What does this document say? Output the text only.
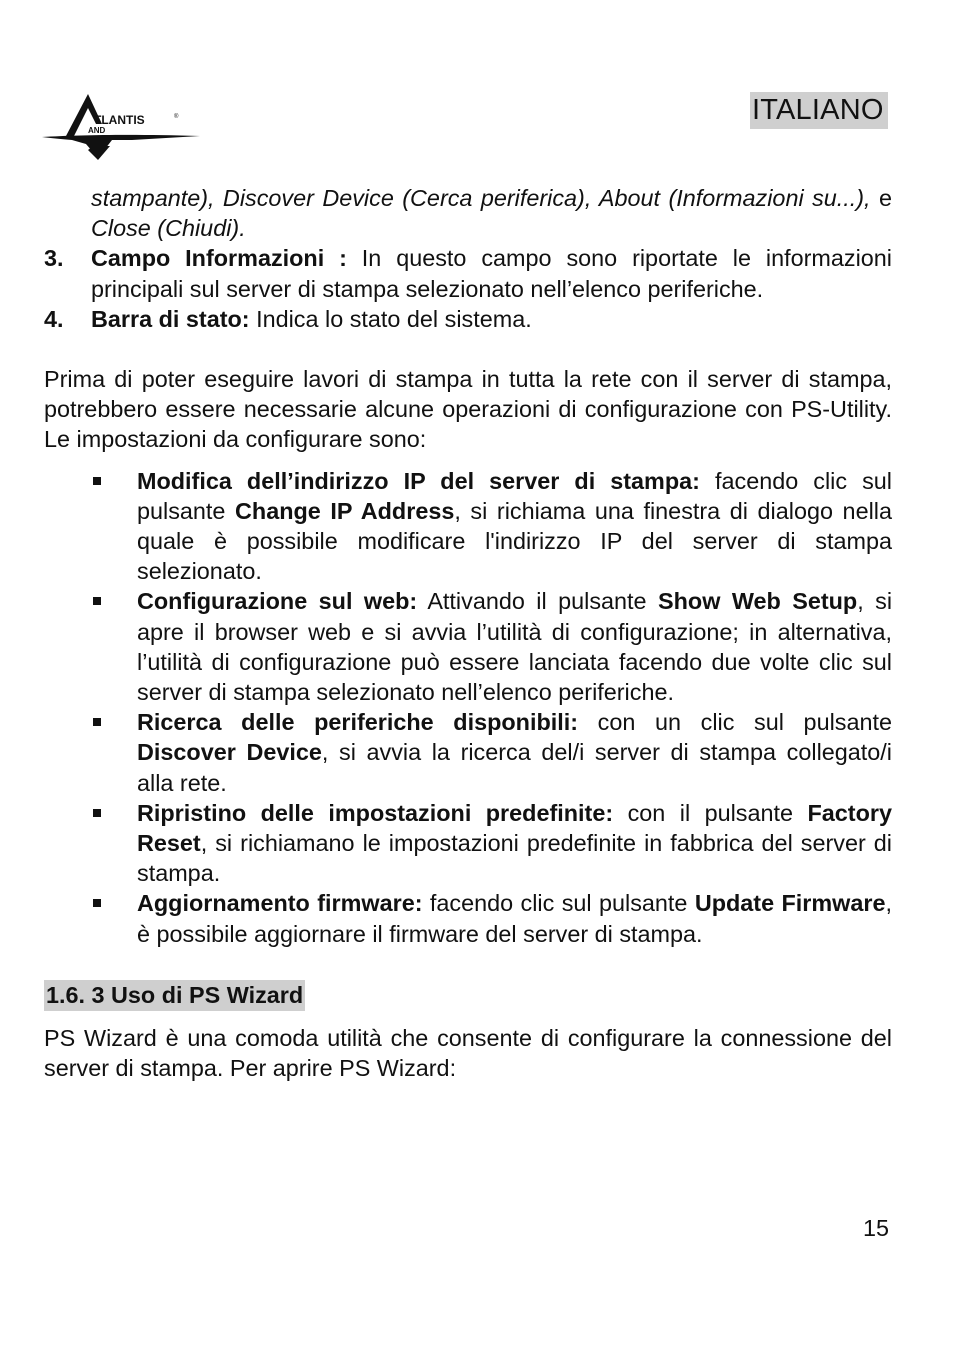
TLANTIS	®
AND
ITALIANO

stampante), Discover Device (Cerca periferica), About (Informazioni su...), e Close (Chiudi).

3.	Campo Informazioni : In questo campo sono riportate le informazioni principali sul server di stampa selezionato nell’elenco periferiche.
4.	Barra di stato: Indica lo stato del sistema.

Prima di poter eseguire lavori di stampa in tutta la rete con il server di stampa, potrebbero essere necessarie alcune operazioni di configurazione con PS-Utility. Le impostazioni da configurare sono:

Modifica dell’indirizzo IP del server di stampa: facendo clic sul pulsante Change IP Address, si richiama una finestra di dialogo nella quale è possibile modificare l'indirizzo IP del server di stampa selezionato.
Configurazione sul web: Attivando il pulsante Show Web Setup, si apre il browser web e si avvia l’utilità di configurazione; in alternativa, l’utilità di configurazione può essere lanciata facendo due volte clic sul server di stampa selezionato nell’elenco periferiche.
Ricerca delle periferiche disponibili: con un clic sul pulsante Discover Device, si avvia la ricerca del/i server di stampa collegato/i alla rete.
Ripristino delle impostazioni predefinite: con il pulsante Factory Reset, si richiamano le impostazioni predefinite in fabbrica del server di stampa.
Aggiornamento firmware: facendo clic sul pulsante Update Firmware, è possibile aggiornare il firmware del server di stampa.
1.6. 3 Uso di PS Wizard

PS Wizard è una comoda utilità che consente di configurare la connessione del server di stampa. Per aprire PS Wizard:

15
